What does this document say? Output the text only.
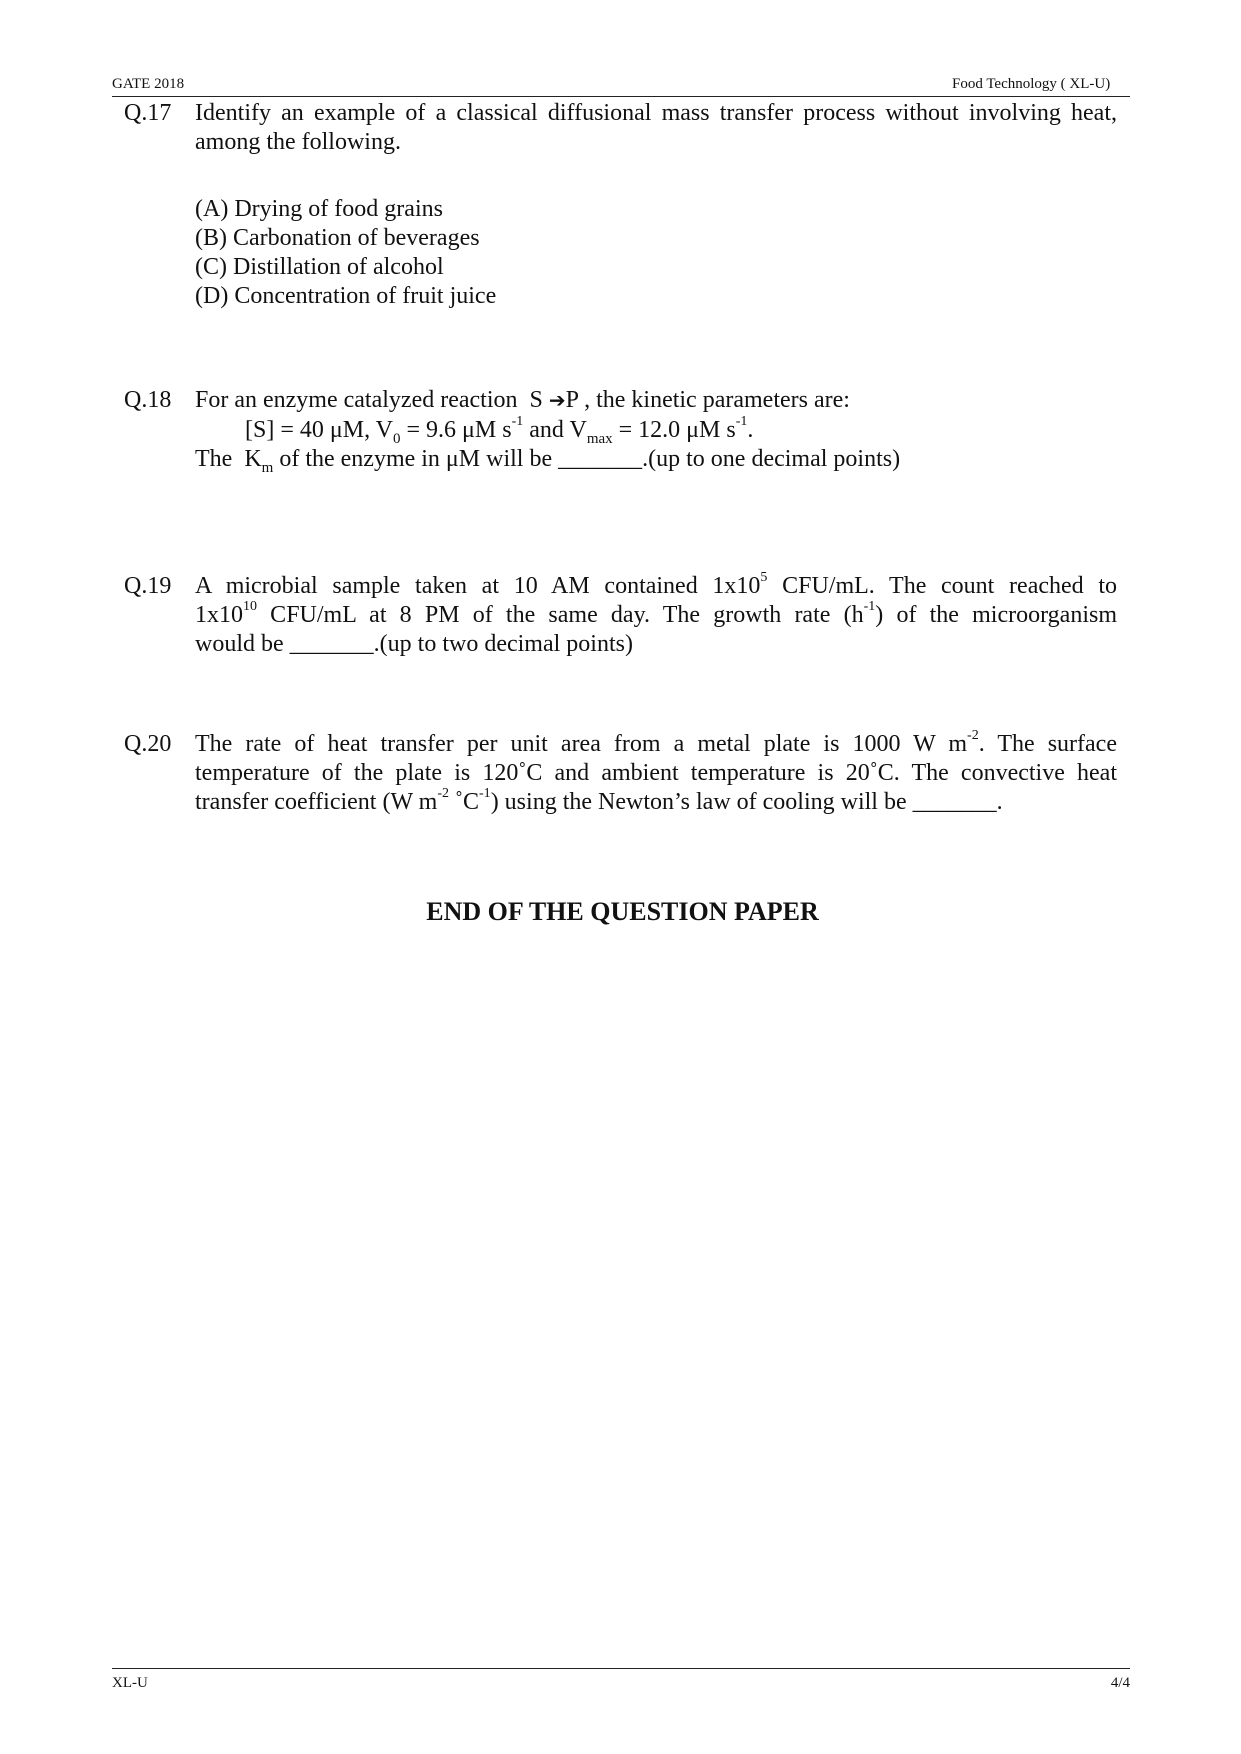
GATE 2018	Food Technology ( XL-U)
Q.17 Identify an example of a classical diffusional mass transfer process without involving heat,
among the following.
(A) Drying of food grains
(B) Carbonation of beverages
(C) Distillation of alcohol
(D) Concentration of fruit juice
Q.18 For an enzyme catalyzed reaction  S ➔P , the kinetic parameters are:
[S] = 40 μM, $V_0 = 9.6$ μM $s^{-1}$ and $V_{max} = 12.0$ μM $s^{-1}$.
The  $K_m$ of the enzyme in μM will be _______.(up to one decimal points)
Q.19 A microbial sample taken at 10 AM contained $1x10^5$ CFU/mL. The count reached to
$1x10^{10}$ CFU/mL at 8 PM of the same day. The growth rate $(h^{-1})$ of the microorganism
would be _______.(up to two decimal points)
Q.20 The rate of heat transfer per unit area from a metal plate is 1000 W $m^{-2}$. The surface
temperature of the plate is 120˚C and ambient temperature is 20˚C. The convective heat
transfer coefficient (W $m^{-2}$ $˚C^{-1}$) using the Newton’s law of cooling will be _______.
END OF THE QUESTION PAPER
XL-U	4/4
